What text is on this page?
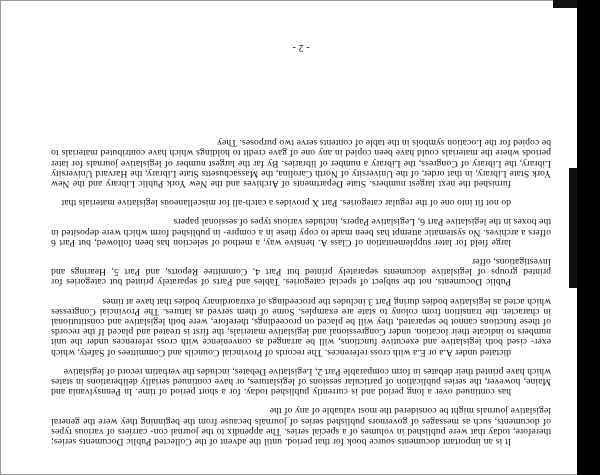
It is an important documents source book for that period. until the advent of the Collected Public Documents series; therefore, today that were published in volumes of a special series. The appendix to the journal con- carriers of various types of documents, such as messages of governors published series of journals because from the beginning they were the general legislative journals might be considered the most valuable of any of the

has continued over a long period and is currently published today. for a short period of time. In Pennsylvania and Maine, however, the series publication of particular sessions of legislatures, or have continued serially deliberations in states which have printed their debates in form comparable Part 2, Legislative Debates, includes the verbatim record of legislative

dictated under A.a or E.a with cross references. The records of Provincial Councils and Committees of Safety, which exer- cised both legislative and executive functions, will be arranged as convenience with cross references under the unit numbers to indicate their location. under Congressional and legislative materials, the first is treated and placed If the records of these functions cannot be separated, they will be placed on proceedings, therefore, were both legislative and constitutional in character. the transition from colony to state are examples. Some of them served as latures. The Provincial Congresses which acted as legislative bodies during Part 3 includes the proceedings of extraordinary bodies that have at times

Public Documents. not the subject of special categories. Tables and Parts of separately printed but categories for printed groups of legislative documents separately printed but Part 4, Committee Reports, and Part 5, Hearings and Investigations, offer

large field for later supplementation of Class A. hensive way, a method of selection has been followed, but Part 6 offers a archives. No systematic attempt has been made to copy these in a compre- in published form which were deposited in the boxes in the legislative Part 6, Legislative Papers, includes various types of sessional papers

do not fit into one of the regular categories. Part X provides a catch-all for miscellaneous legislative materials that

furnished the next largest numbers. State Departments of Archives and the New York Public Library and the New York State Library, in that order, of the University of North Carolina, the Massachusetts State Library, the Harvard University Library, the Library of Congress, the Library a number of libraries. By far the largest number of legislative journals for later periods where the materials could have been copied in any one of gave credit to holdings which have contributed materials to be copied for the Location symbols in the table of contents serve two purposes. They

- 2 -
